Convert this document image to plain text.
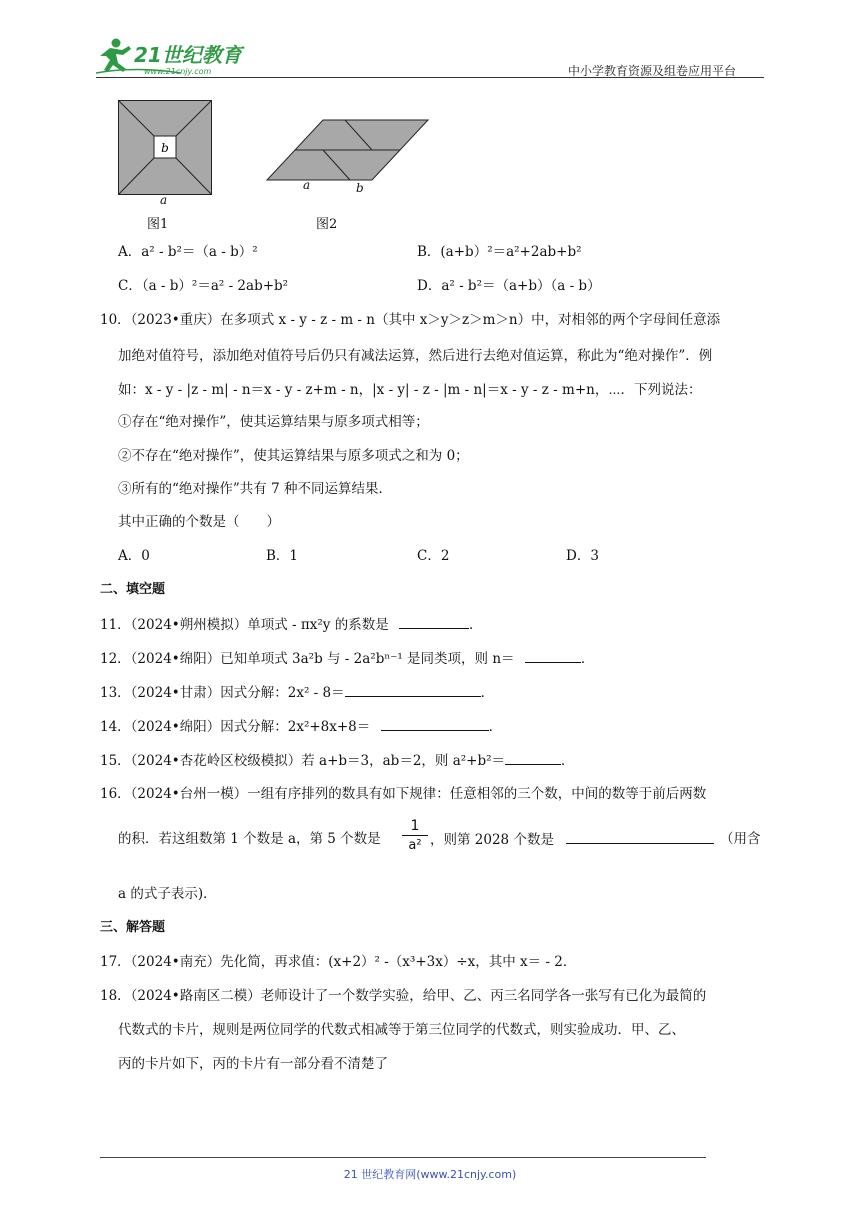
21世纪教育
www.21cnjy.com	中小学教育资源及组卷应用平台
b
a
图1
a	b
图2
A．a² - b²＝（a - b）²	B．(a+b）²＝a²+2ab+b²
C．（a - b）²＝a² - 2ab+b²	D．a² - b²＝（a+b）（a - b）
10．（2023•重庆）在多项式 x - y - z - m - n（其中 x＞y＞z＞m＞n）中，对相邻的两个字母间任意添
加绝对值符号，添加绝对值符号后仍只有减法运算，然后进行去绝对值运算，称此为“绝对操作”．例
如：x - y - |z - m| - n＝x - y - z+m - n，|x - y| - z - |m - n|＝x - y - z - m+n，⋯．下列说法：
①存在“绝对操作”，使其运算结果与原多项式相等；
②不存在“绝对操作”，使其运算结果与原多项式之和为 0；
③所有的“绝对操作”共有 7 种不同运算结果．
其中正确的个数是（　　）
A．0	B．1	C．2	D．3
二、填空题
11．（2024•朔州模拟）单项式 - πx²y 的系数是	．
12．（2024•绵阳）已知单项式 3a²b 与 - 2a²bⁿ⁻¹ 是同类项，则 n＝	．
13．（2024•甘肃）因式分解：2x² - 8＝	．
14．（2024•绵阳）因式分解：2x²+8x+8＝	．
15．（2024•杏花岭区校级模拟）若 a+b＝3，ab＝2，则 a²+b²＝	．
16．（2024•台州一模）一组有序排列的数具有如下规律：任意相邻的三个数，中间的数等于前后两数
的积．若这组数第 1 个数是 a，第 5 个数是 $\frac{1}{\text{a²}}$ ，则第 2028 个数是	（用含
a 的式子表示)．
三、解答题
17．（2024•南充）先化简，再求值：(x+2）² -（x³+3x）÷x，其中 x＝ - 2．
18．（2024•路南区二模）老师设计了一个数学实验，给甲、乙、丙三名同学各一张写有已化为最简的
代数式的卡片，规则是两位同学的代数式相减等于第三位同学的代数式，则实验成功．甲、乙、
丙的卡片如下，丙的卡片有一部分看不清楚了
21 世纪教育网(www.21cnjy.com)
